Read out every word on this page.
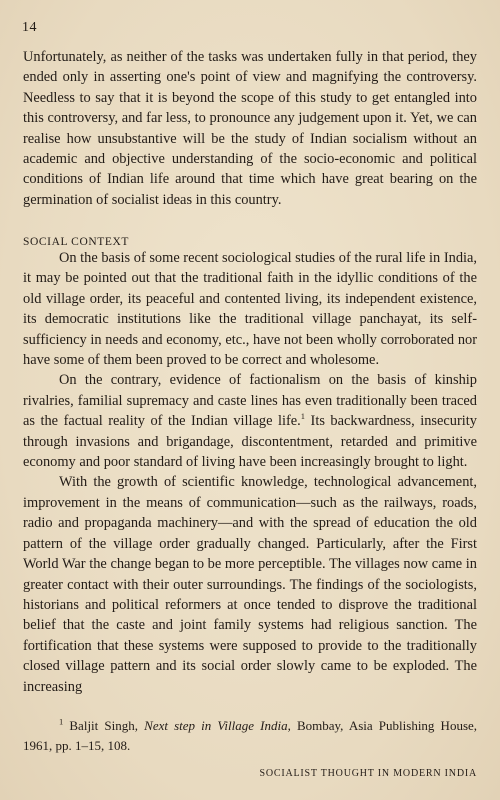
14

Unfortunately, as neither of the tasks was undertaken fully in that period, they ended only in asserting one's point of view and magnifying the controversy. Needless to say that it is beyond the scope of this study to get entangled into this controversy, and far less, to pronounce any judgement upon it. Yet, we can realise how unsubstantive will be the study of Indian socialism without an academic and objective understanding of the socio-economic and political conditions of Indian life around that time which have great bearing on the germination of socialist ideas in this country.

SOCIAL CONTEXT

On the basis of some recent sociological studies of the rural life in India, it may be pointed out that the traditional faith in the idyllic conditions of the old village order, its peaceful and contented living, its independent existence, its democratic institutions like the traditional village panchayat, its self-sufficiency in needs and economy, etc., have not been wholly corroborated nor have some of them been proved to be correct and wholesome.

On the contrary, evidence of factionalism on the basis of kinship rivalries, familial supremacy and caste lines has even traditionally been traced as the factual reality of the Indian village life.$^1$ Its backwardness, insecurity through invasions and brigandage, discontentment, retarded and primitive economy and poor standard of living have been increasingly brought to light.

With the growth of scientific knowledge, technological advancement, improvement in the means of communication—such as the railways, roads, radio and propaganda machinery—and with the spread of education the old pattern of the village order gradually changed. Particularly, after the First World War the change began to be more perceptible. The villages now came in greater contact with their outer surroundings. The findings of the sociologists, historians and political reformers at once tended to disprove the traditional belief that the caste and joint family systems had religious sanction. The fortification that these systems were supposed to provide to the traditionally closed village pattern and its social order slowly came to be exploded. The increasing

$^1$ Baljit Singh, Next step in Village India, Bombay, Asia Publishing House, 1961, pp. 1–15, 108.

SOCIALIST THOUGHT IN MODERN INDIA
